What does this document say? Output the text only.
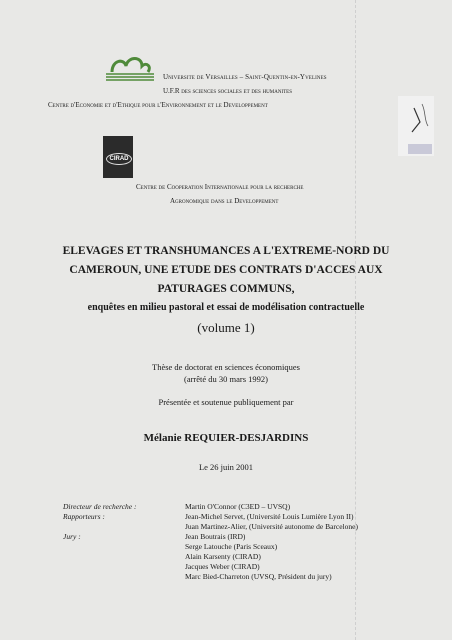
Universite de Versailles – Saint-Quentin-en-Yvelines
U.F.R des sciences sociales et des humanites
Centre d'Economie et d'Ethique pour l'Environnement et le Developpement
CIRAD
Centre de Cooperation Internationale pour la recherche
Agronomique dans le Developpement
ELEVAGES ET TRANSHUMANCES A L'EXTREME-NORD DU
CAMEROUN, UNE ETUDE DES CONTRATS D'ACCES AUX
PATURAGES COMMUNS,
enquêtes en milieu pastoral et essai de modélisation contractuelle
(volume 1)
Thèse de doctorat en sciences économiques
(arrêté du 30 mars 1992)
Présentée et soutenue publiquement par
Mélanie REQUIER-DESJARDINS
Le 26 juin 2001
Directeur de recherche :
Rapporteurs :
Jury :
Martin O'Connor (C3ED – UVSQ)
Jean-Michel Servet, (Université Louis Lumière Lyon II)
Juan Martinez-Alier, (Université autonome de Barcelone)
Jean Boutrais (IRD)
Serge Latouche (Paris Sceaux)
Alain Karsenty (CIRAD)
Jacques Weber (CIRAD)
Marc Bied-Charreton (UVSQ, Président du jury)
